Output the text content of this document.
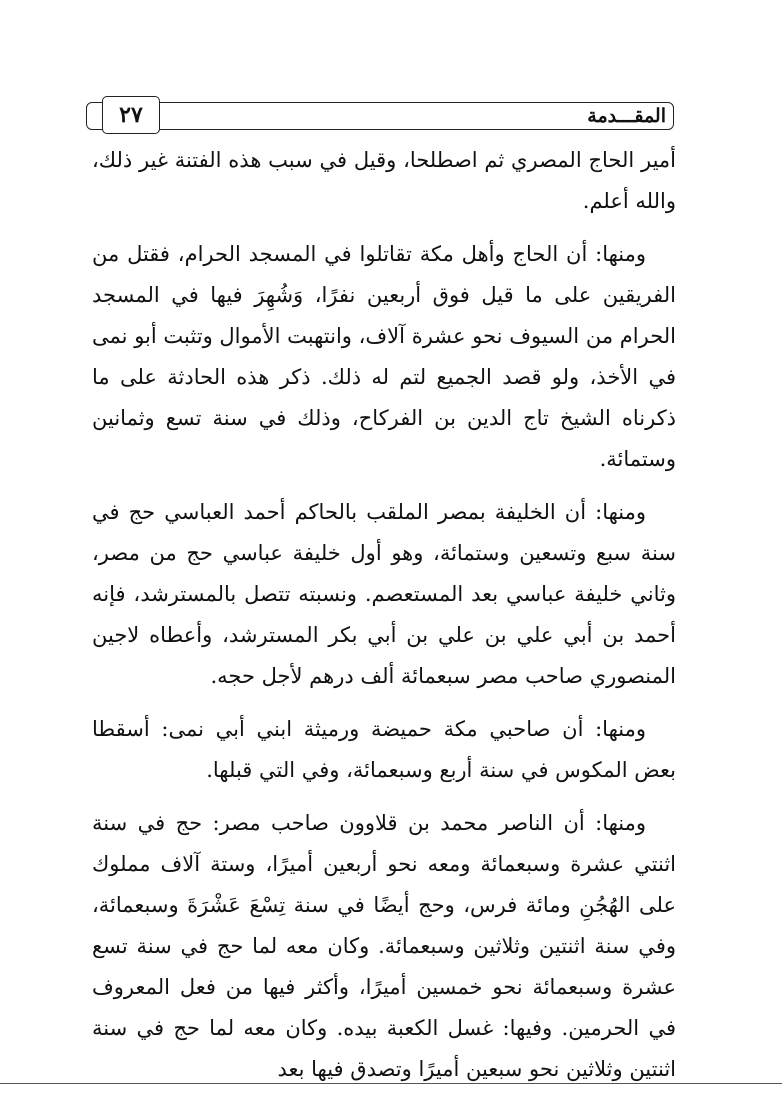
٢٧	المقـــدمة

أمير الحاج المصري ثم اصطلحا، وقيل في سبب هذه الفتنة غير ذلك، والله أعلم.

ومنها: أن الحاج وأهل مكة تقاتلوا في المسجد الحرام، فقتل من الفريقين على ما قيل فوق أربعين نفرًا، وَشُهِرَ فيها في المسجد الحرام من السيوف نحو عشرة آلاف، وانتهبت الأموال وتثبت أبو نمى في الأخذ، ولو قصد الجميع لتم له ذلك. ذكر هذه الحادثة على ما ذكرناه الشيخ تاج الدين بن الفركاح، وذلك في سنة تسع وثمانين وستمائة.

ومنها: أن الخليفة بمصر الملقب بالحاكم أحمد العباسي حج في سنة سبع وتسعين وستمائة، وهو أول خليفة عباسي حج من مصر، وثاني خليفة عباسي بعد المستعصم. ونسبته تتصل بالمسترشد، فإنه أحمد بن أبي علي بن علي بن أبي بكر المسترشد، وأعطاه لاجين المنصوري صاحب مصر سبعمائة ألف درهم لأجل حجه.

ومنها: أن صاحبي مكة حميضة ورميثة ابني أبي نمى: أسقطا بعض المكوس في سنة أربع وسبعمائة، وفي التي قبلها.

ومنها: أن الناصر محمد بن قلاوون صاحب مصر: حج في سنة اثنتي عشرة وسبعمائة ومعه نحو أربعين أميرًا، وستة آلاف مملوك على الهُجُنِ ومائة فرس، وحج أيضًا في سنة تِسْعَ عَشْرَةَ وسبعمائة، وفي سنة اثنتين وثلاثين وسبعمائة. وكان معه لما حج في سنة تسع عشرة وسبعمائة نحو خمسين أميرًا، وأكثر فيها من فعل المعروف في الحرمين. وفيها: غسل الكعبة بيده. وكان معه لما حج في سنة اثنتين وثلاثين نحو سبعين أميرًا وتصدق فيها بعد
